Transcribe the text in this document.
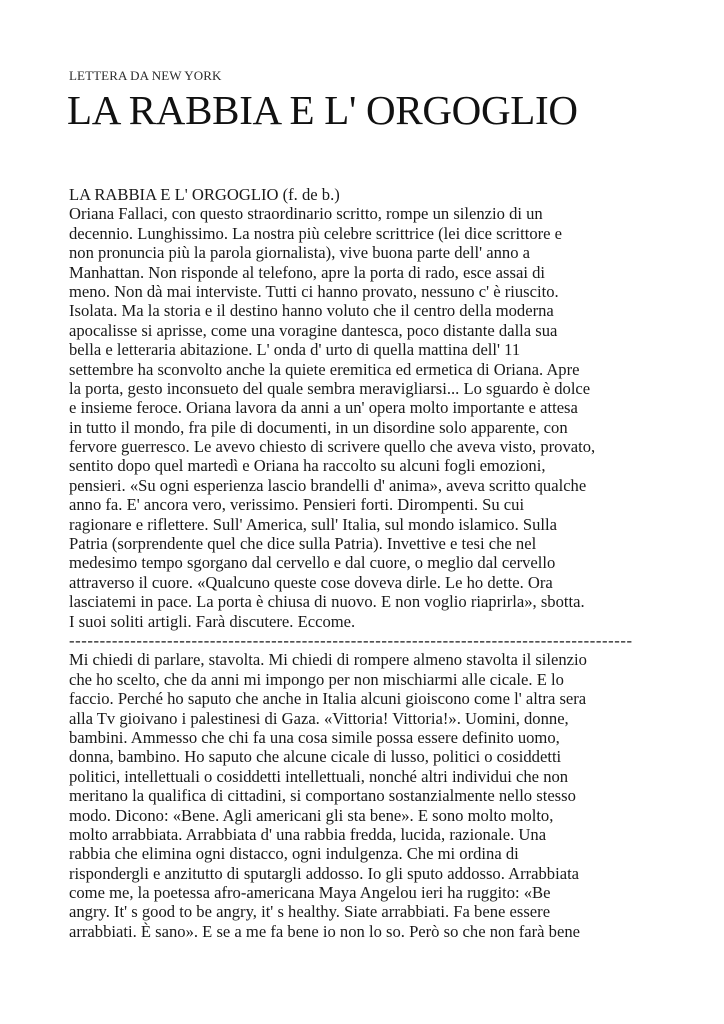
LETTERA DA NEW YORK
LA RABBIA E L' ORGOGLIO
LA RABBIA E L' ORGOGLIO (f. de b.)
Oriana Fallaci, con questo straordinario scritto, rompe un silenzio di un
decennio. Lunghissimo. La nostra più celebre scrittrice (lei dice scrittore e
non pronuncia più la parola giornalista), vive buona parte dell' anno a
Manhattan. Non risponde al telefono, apre la porta di rado, esce assai di
meno. Non dà mai interviste. Tutti ci hanno provato, nessuno c' è riuscito.
Isolata. Ma la storia e il destino hanno voluto che il centro della moderna
apocalisse si aprisse, come una voragine dantesca, poco distante dalla sua
bella e letteraria abitazione. L' onda d' urto di quella mattina dell' 11
settembre ha sconvolto anche la quiete eremitica ed ermetica di Oriana. Apre
la porta, gesto inconsueto del quale sembra meravigliarsi... Lo sguardo è dolce
e insieme feroce. Oriana lavora da anni a un' opera molto importante e attesa
in tutto il mondo, fra pile di documenti, in un disordine solo apparente, con
fervore guerresco. Le avevo chiesto di scrivere quello che aveva visto, provato,
sentito dopo quel martedì e Oriana ha raccolto su alcuni fogli emozioni,
pensieri. «Su ogni esperienza lascio brandelli d' anima», aveva scritto qualche
anno fa. E' ancora vero, verissimo. Pensieri forti. Dirompenti. Su cui
ragionare e riflettere. Sull' America, sull' Italia, sul mondo islamico. Sulla
Patria (sorprendente quel che dice sulla Patria). Invettive e tesi che nel
medesimo tempo sgorgano dal cervello e dal cuore, o meglio dal cervello
attraverso il cuore. «Qualcuno queste cose doveva dirle. Le ho dette. Ora
lasciatemi in pace. La porta è chiusa di nuovo. E non voglio riaprirla», sbotta.
I suoi soliti artigli. Farà discutere. Eccome.
--------------------------------------------------------------------------------------------
Mi chiedi di parlare, stavolta. Mi chiedi di rompere almeno stavolta il silenzio
che ho scelto, che da anni mi impongo per non mischiarmi alle cicale. E lo
faccio. Perché ho saputo che anche in Italia alcuni gioiscono come l' altra sera
alla Tv gioivano i palestinesi di Gaza. «Vittoria! Vittoria!». Uomini, donne,
bambini. Ammesso che chi fa una cosa simile possa essere definito uomo,
donna, bambino. Ho saputo che alcune cicale di lusso, politici o cosiddetti
politici, intellettuali o cosiddetti intellettuali, nonché altri individui che non
meritano la qualifica di cittadini, si comportano sostanzialmente nello stesso
modo. Dicono: «Bene. Agli americani gli sta bene». E sono molto molto,
molto arrabbiata. Arrabbiata d' una rabbia fredda, lucida, razionale. Una
rabbia che elimina ogni distacco, ogni indulgenza. Che mi ordina di
rispondergli e anzitutto di sputargli addosso. Io gli sputo addosso. Arrabbiata
come me, la poetessa afro-americana Maya Angelou ieri ha ruggito: «Be
angry. It' s good to be angry, it' s healthy. Siate arrabbiati. Fa bene essere
arrabbiati. È sano». E se a me fa bene io non lo so. Però so che non farà bene
